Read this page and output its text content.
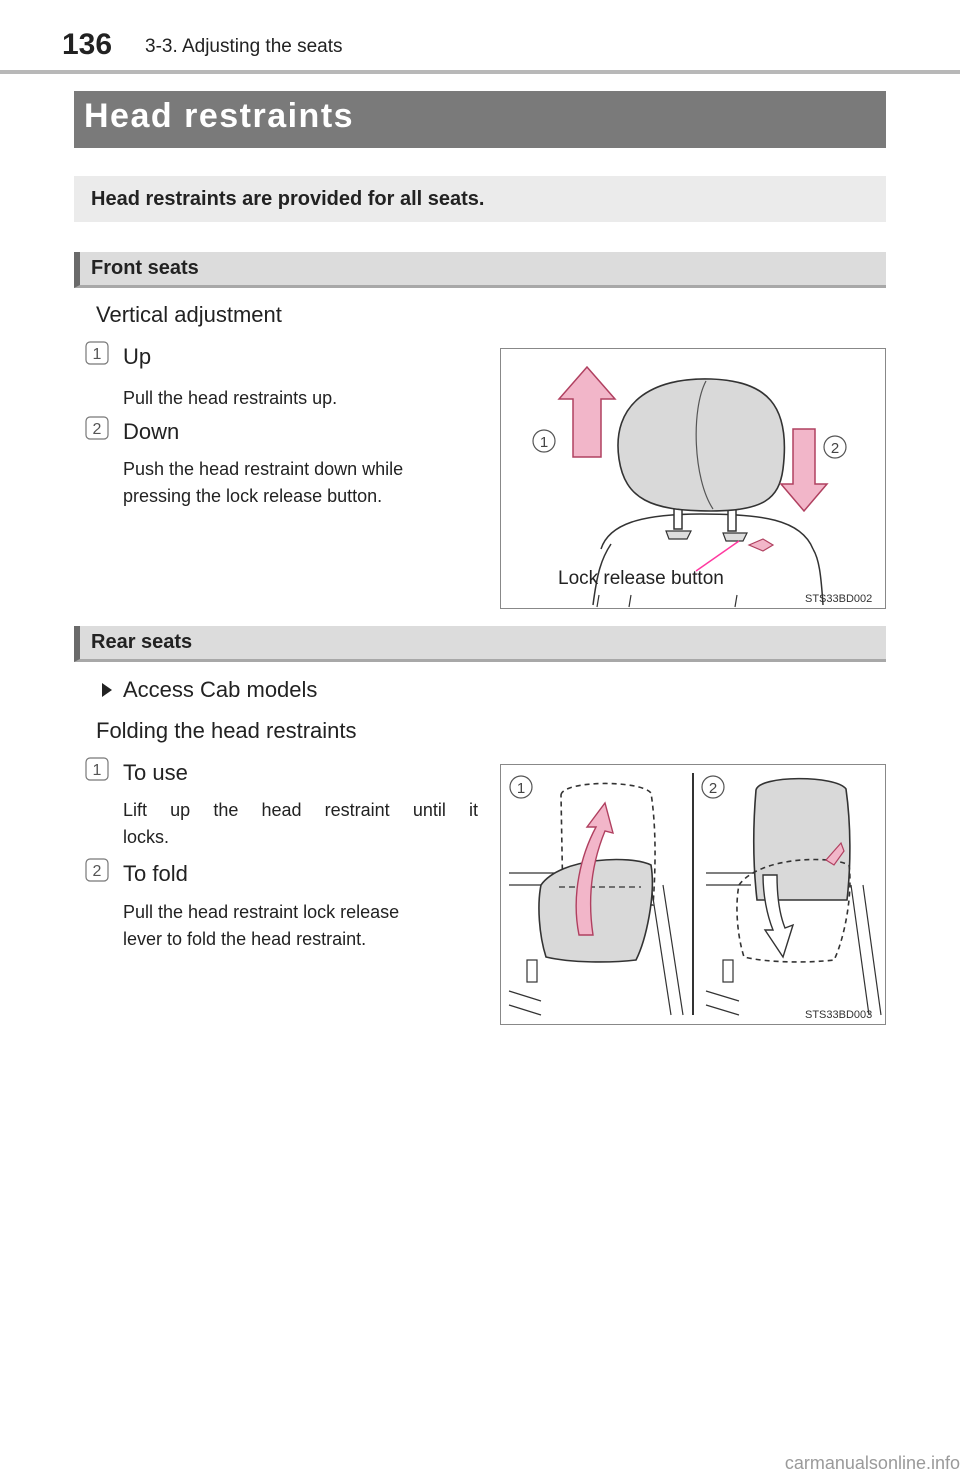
136 3-3. Adjusting the seats
Head restraints
Head restraints are provided for all seats.
Front seats
Vertical adjustment
1 Up
Pull the head restraints up.
2 Down
Push the head restraint down while
pressing the lock release button.
1	2
Lock release button
STS33BD002
Rear seats
Access Cab models
Folding the head restraints
1 To use
Lift up the head restraint until it
locks.
2 To fold
Pull the head restraint lock release
lever to fold the head restraint.
1	2
STS33BD003
carmanualsonline.info
